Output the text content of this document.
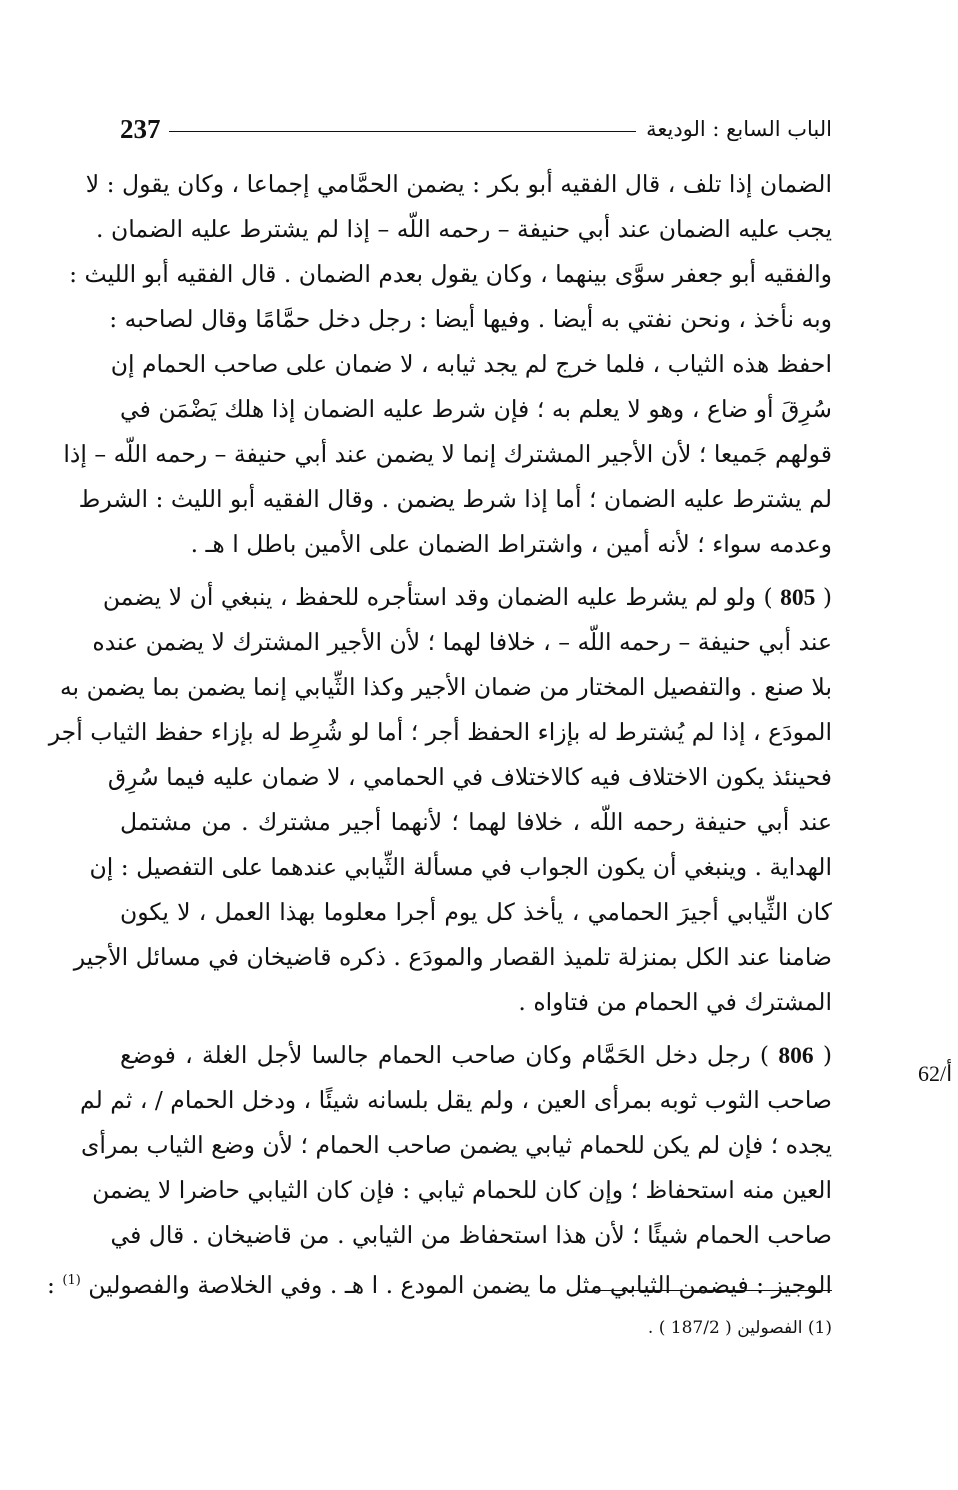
237	الباب السابع : الوديعة
الضمان إذا تلف ، قال الفقيه أبو بكر : يضمن الحمَّامي إجماعا ، وكان يقول : لا
يجب عليه الضمان عند أبي حنيفة – رحمه اللّه – إذا لم يشترط عليه الضمان .
والفقيه أبو جعفر سوَّى بينهما ، وكان يقول بعدم الضمان . قال الفقيه أبو الليث :
وبه نأخذ ، ونحن نفتي به أيضا . وفيها أيضا : رجل دخل حمَّامًا وقال لصاحبه :
احفظ هذه الثياب ، فلما خرج لم يجد ثيابه ، لا ضمان على صاحب الحمام إن
سُرِقَ أو ضاع ، وهو لا يعلم به ؛ فإن شرط عليه الضمان إذا هلك يَضْمَن في
قولهم جَميعا ؛ لأن الأجير المشترك إنما لا يضمن عند أبي حنيفة – رحمه اللّه – إذا
لم يشترط عليه الضمان ؛ أما إذا شرط يضمن . وقال الفقيه أبو الليث : الشرط
وعدمه سواء ؛ لأنه أمين ، واشتراط الضمان على الأمين باطل ا هـ .
( 805 ) ولو لم يشرط عليه الضمان وقد استأجره للحفظ ، ينبغي أن لا يضمن
عند أبي حنيفة – رحمه اللّه – ، خلافا لهما ؛ لأن الأجير المشترك لا يضمن عنده
بلا صنع . والتفصيل المختار من ضمان الأجير وكذا الثِّيابي إنما يضمن بما يضمن به
المودَع ، إذا لم يُشترط له بإزاء الحفظ أجر ؛ أما لو شُرِط له بإزاء حفظ الثياب أجر
فحينئذ يكون الاختلاف فيه كالاختلاف في الحمامي ، لا ضمان عليه فيما سُرِق
عند أبي حنيفة رحمه اللّه ، خلافا لهما ؛ لأنهما أجير مشترك . من مشتمل
الهداية . وينبغي أن يكون الجواب في مسألة الثِّيابي عندهما على التفصيل : إن
كان الثِّيابي أجيرَ الحمامي ، يأخذ كل يوم أجرا معلوما بهذا العمل ، لا يكون
ضامنا عند الكل بمنزلة تلميذ القصار والمودَع . ذكره قاضيخان في مسائل الأجير
المشترك في الحمام من فتاواه .
( 806 ) رجل دخل الحَمَّام وكان صاحب الحمام جالسا لأجل الغلة ، فوضع
صاحب الثوب ثوبه بمرأى العين ، ولم يقل بلسانه شيئًا ، ودخل الحمام / ، ثم لم
يجده ؛ فإن لم يكن للحمام ثيابي يضمن صاحب الحمام ؛ لأن وضع الثياب بمرأى
العين منه استحفاظ ؛ وإن كان للحمام ثيابي : فإن كان الثيابي حاضرا لا يضمن
صاحب الحمام شيئًا ؛ لأن هذا استحفاظ من الثيابي . من قاضيخان . قال في
الوجيز : فيضمن الثيابي مثل ما يضمن المودع . ا هـ . وفي الخلاصة والفصولين $^{(1)}$ :
62/أ
(1) الفصولين ( 187/2 ) .
